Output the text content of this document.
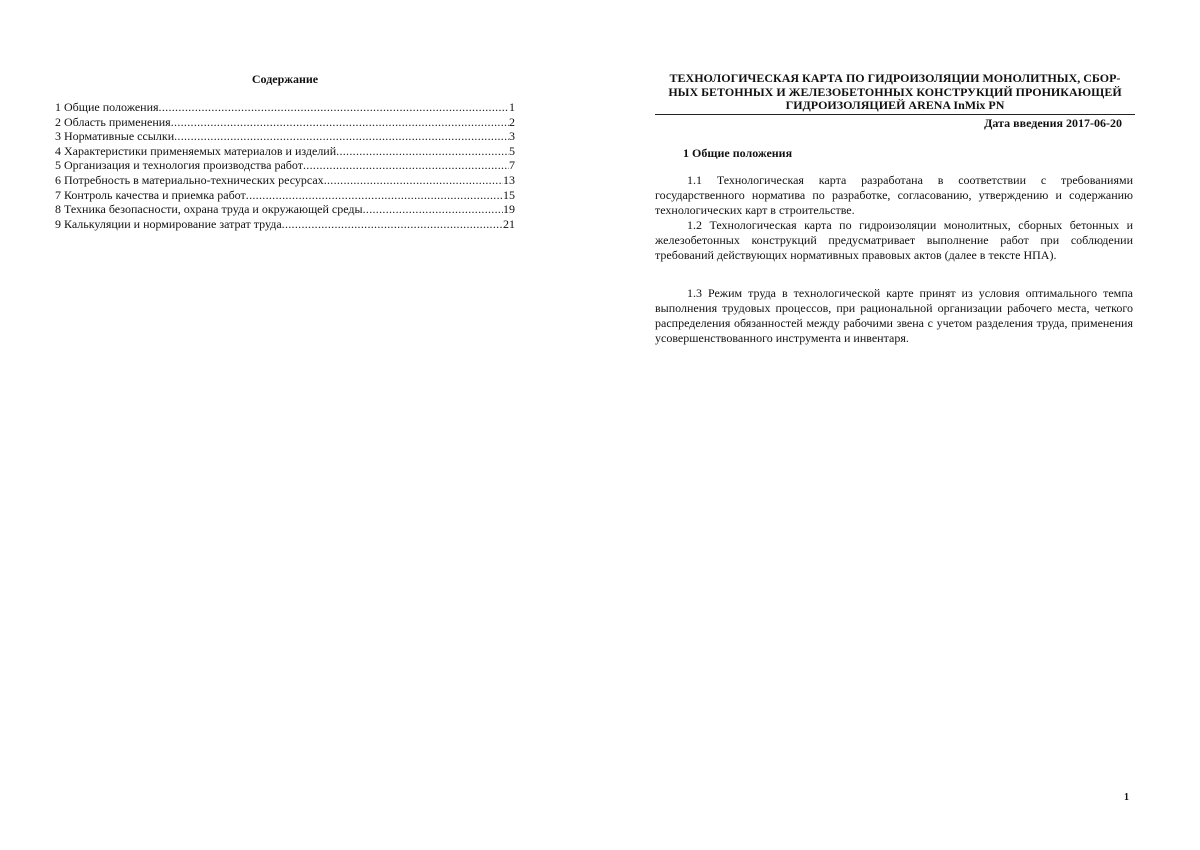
Содержание
1 Общие положения .....	1
2 Область применения .....	2
3 Нормативные ссылки .....	3
4 Характеристики применяемых материалов и изделий .....	5
5 Организация и технология производства работ .....	7
6 Потребность в материально-технических ресурсах .....	13
7 Контроль качества и приемка работ .....	15
8 Техника безопасности, охрана труда и окружающей среды .....	19
9 Калькуляции и нормирование затрат труда .....	21
ТЕХНОЛОГИЧЕСКАЯ КАРТА ПО ГИДРОИЗОЛЯЦИИ МОНОЛИТНЫХ, СБОР-
НЫХ БЕТОННЫХ И ЖЕЛЕЗОБЕТОННЫХ КОНСТРУКЦИЙ ПРОНИКАЮЩЕЙ
ГИДРОИЗОЛЯЦИЕЙ ARENA InMix PN
Дата введения 2017-06-20
1 Общие положения

1.1 Технологическая карта разработана в соответствии с требованиями государственного норматива по разработке, согласованию, утверждению и содержанию технологических карт в строительстве.

1.2 Технологическая карта по гидроизоляции монолитных, сборных бетонных и железобетонных конструкций предусматривает выполнение работ при соблюдении требований действующих нормативных правовых актов (далее в тексте НПА).

1.3 Режим труда в технологической карте принят из условия оптимального темпа выполнения трудовых процессов, при рациональной организации рабочего места, четкого распределения обязанностей между рабочими звена с учетом разделения труда, применения усовершенствованного инструмента и инвентаря.

1
